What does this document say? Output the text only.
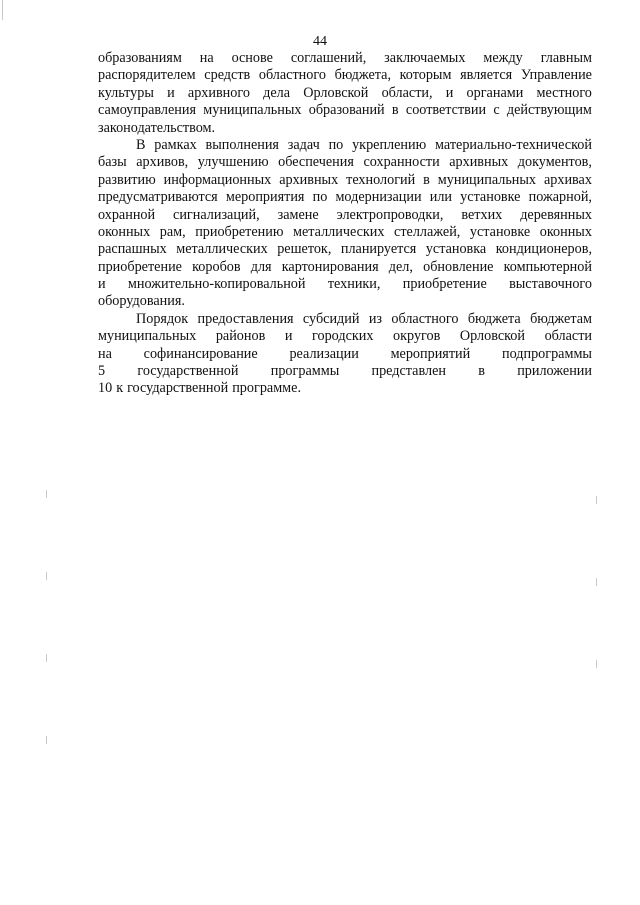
44
образованиям на основе соглашений, заключаемых между главным
распорядителем средств областного бюджета, которым является Управление
культуры и архивного дела Орловской области, и органами местного
самоуправления муниципальных образований в соответствии с действующим
законодательством.
В рамках выполнения задач по укреплению материально-технической
базы архивов, улучшению обеспечения сохранности архивных документов,
развитию информационных архивных технологий в муниципальных архивах
предусматриваются мероприятия по модернизации или установке пожарной,
охранной сигнализаций, замене электропроводки, ветхих деревянных
оконных рам, приобретению металлических стеллажей, установке оконных
распашных металлических решеток, планируется установка кондиционеров,
приобретение коробов для картонирования дел, обновление компьютерной
и множительно-копировальной техники, приобретение выставочного
оборудования.
Порядок предоставления субсидий из областного бюджета бюджетам
муниципальных районов и городских округов Орловской области
на софинансирование реализации мероприятий подпрограммы
5 государственной программы представлен в приложении
10 к государственной программе.
